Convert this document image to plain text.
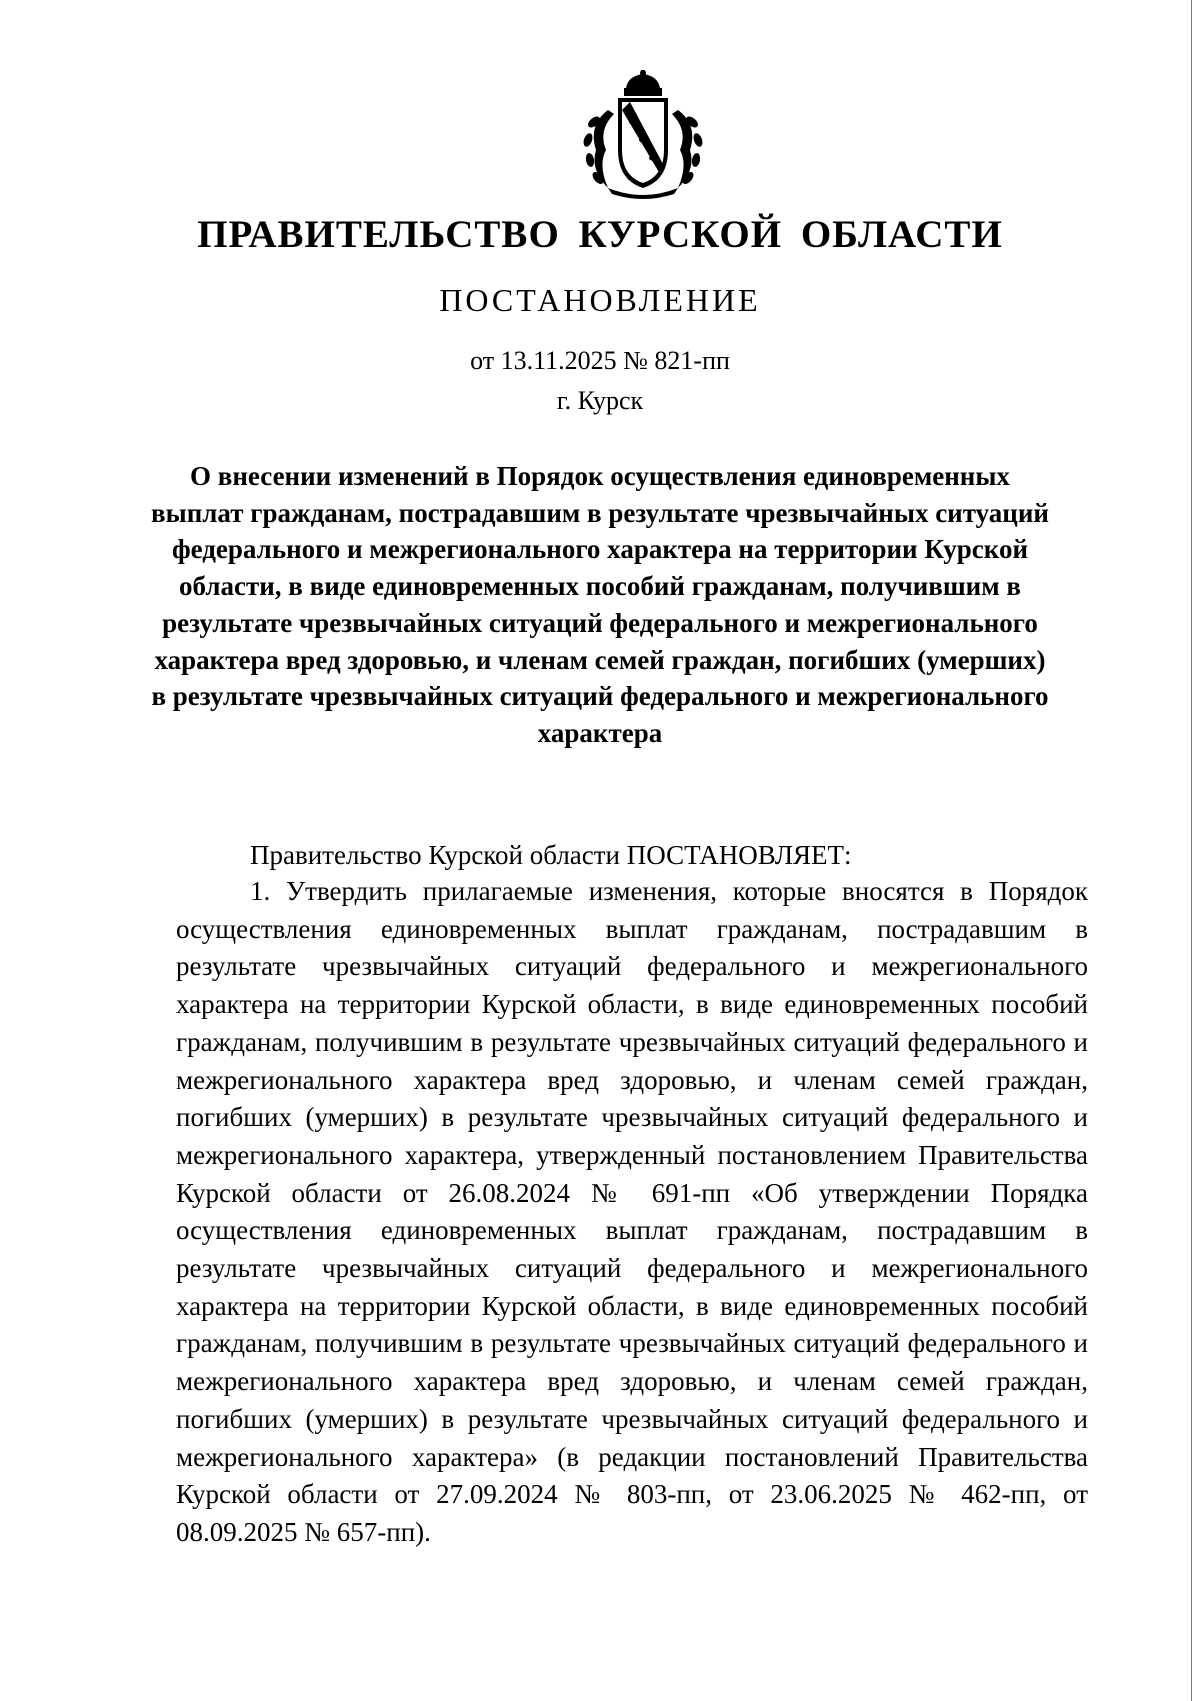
ПРАВИТЕЛЬСТВО КУРСКОЙ ОБЛАСТИ
ПОСТАНОВЛЕНИЕ
от 13.11.2025 № 821-пп
г. Курск
О внесении изменений в Порядок осуществления единовременных выплат гражданам, пострадавшим в результате чрезвычайных ситуаций федерального и межрегионального характера на территории Курской области, в виде единовременных пособий гражданам, получившим в результате чрезвычайных ситуаций федерального и межрегионального характера вред здоровью, и членам семей граждан, погибших (умерших) в результате чрезвычайных ситуаций федерального и межрегионального характера
Правительство Курской области ПОСТАНОВЛЯЕТ:
1. Утвердить прилагаемые изменения, которые вносятся в Порядок осуществления единовременных выплат гражданам, пострадавшим в результате чрезвычайных ситуаций федерального и межрегионального характера на территории Курской области, в виде единовременных пособий гражданам, получившим в результате чрезвычайных ситуаций федерального и межрегионального характера вред здоровью, и членам семей граждан, погибших (умерших) в результате чрезвычайных ситуаций федерального и межрегионального характера, утвержденный постановлением Правительства Курской области от 26.08.2024 № 691-пп «Об утверждении Порядка осуществления единовременных выплат гражданам, пострадавшим в результате чрезвычайных ситуаций федерального и межрегионального характера на территории Курской области, в виде единовременных пособий гражданам, получившим в результате чрезвычайных ситуаций федерального и межрегионального характера вред здоровью, и членам семей граждан, погибших (умерших) в результате чрезвычайных ситуаций федерального и межрегионального характера» (в редакции постановлений Правительства Курской области от 27.09.2024 № 803-пп, от 23.06.2025 № 462-пп, от 08.09.2025 № 657-пп).
